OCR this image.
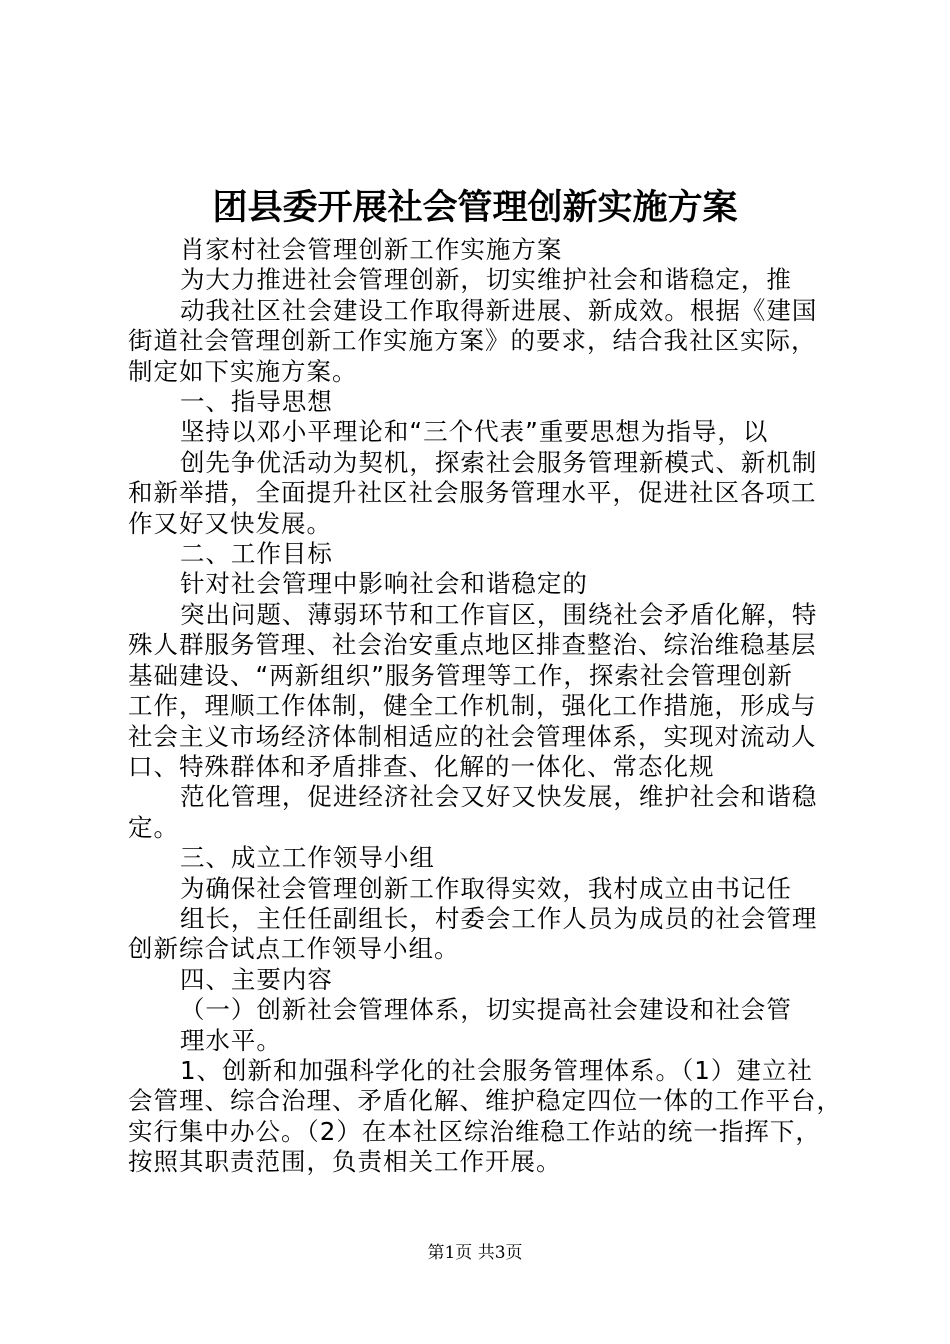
团县委开展社会管理创新实施方案

肖家村社会管理创新工作实施方案

为大力推进社会管理创新，切实维护社会和谐稳定，推

动我社区社会建设工作取得新进展、新成效。根据《建国

街道社会管理创新工作实施方案》的要求，结合我社区实际，

制定如下实施方案。

一、指导思想

坚持以邓小平理论和“三个代表”重要思想为指导，以

创先争优活动为契机，探索社会服务管理新模式、新机制

和新举措，全面提升社区社会服务管理水平，促进社区各项工

作又好又快发展。

二、工作目标

针对社会管理中影响社会和谐稳定的

突出问题、薄弱环节和工作盲区，围绕社会矛盾化解，特

殊人群服务管理、社会治安重点地区排查整治、综治维稳基层

基础建设、“两新组织”服务管理等工作，探索社会管理创新

工作，理顺工作体制，健全工作机制，强化工作措施，形成与

社会主义市场经济体制相适应的社会管理体系，实现对流动人

口、特殊群体和矛盾排查、化解的一体化、常态化规

范化管理，促进经济社会又好又快发展，维护社会和谐稳

定。

三、成立工作领导小组

为确保社会管理创新工作取得实效，我村成立由书记任

组长，主任任副组长，村委会工作人员为成员的社会管理

创新综合试点工作领导小组。

四、主要内容

（一）创新社会管理体系，切实提高社会建设和社会管

理水平。

1、创新和加强科学化的社会服务管理体系。（1）建立社

会管理、综合治理、矛盾化解、维护稳定四位一体的工作平台，

实行集中办公。（2）在本社区综治维稳工作站的统一指挥下，

按照其职责范围，负责相关工作开展。

第1页 共3页
